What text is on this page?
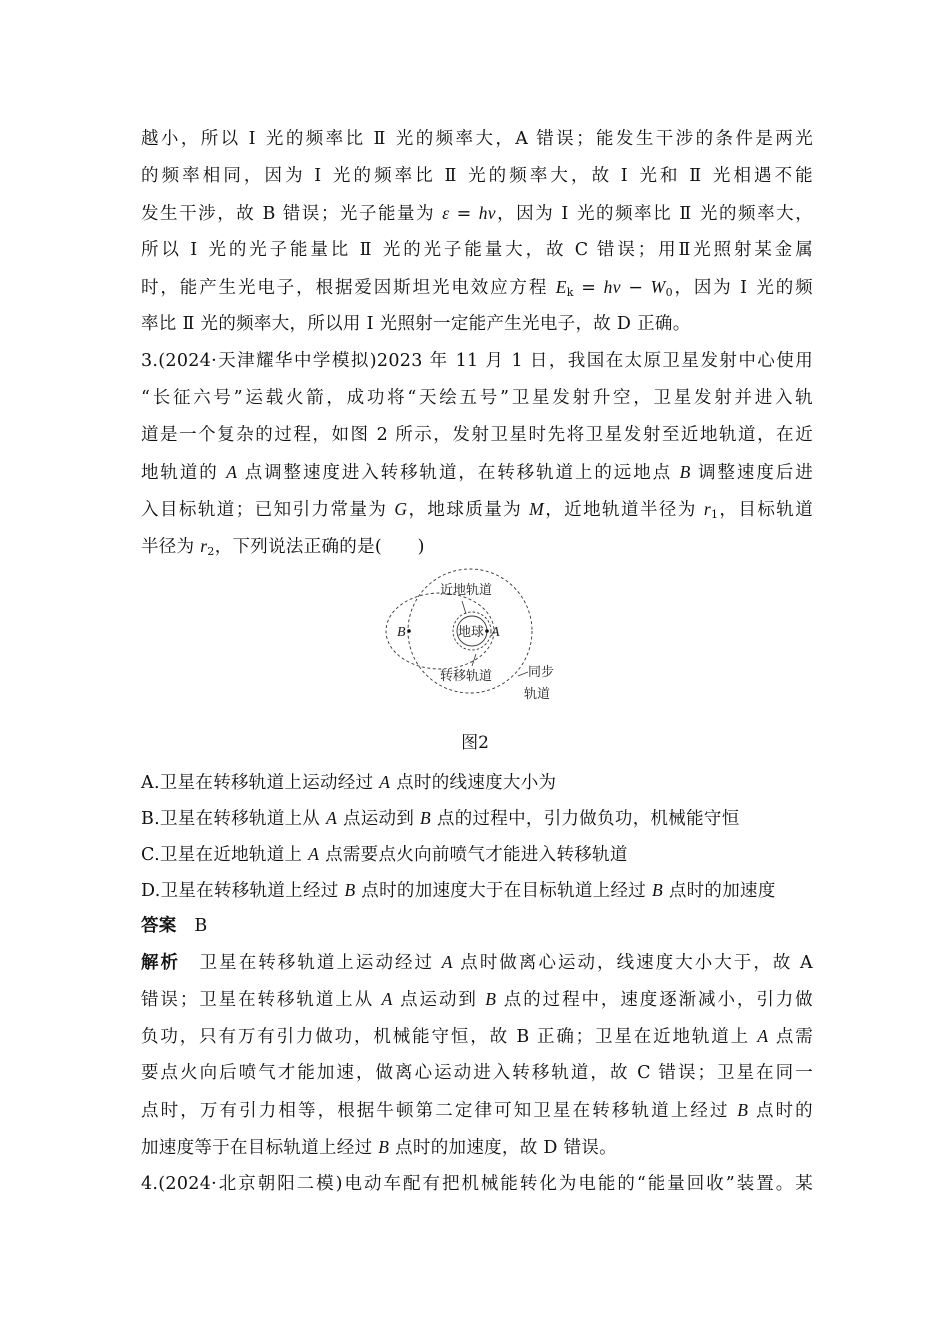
越小，所以 Ⅰ 光的频率比 Ⅱ 光的频率大，A 错误；能发生干涉的条件是两光
的频率相同，因为 Ⅰ 光的频率比 Ⅱ 光的频率大，故 Ⅰ 光和 Ⅱ 光相遇不能
发生干涉，故 B 错误；光子能量为 ε = hν，因为 Ⅰ 光的频率比 Ⅱ 光的频率大，
所以 Ⅰ 光的光子能量比 Ⅱ 光的光子能量大，故 C 错误；用Ⅱ光照射某金属
时，能产生光电子，根据爱因斯坦光电效应方程 $E_k = h\nu - W_0$，因为 Ⅰ 光的频
率比 Ⅱ 光的频率大，所以用 Ⅰ 光照射一定能产生光电子，故 D 正确。
3.(2024·天津耀华中学模拟)2023 年 11 月 1 日，我国在太原卫星发射中心使用
“长征六号”运载火箭，成功将“天绘五号”卫星发射升空，卫星发射并进入轨
道是一个复杂的过程，如图 2 所示，发射卫星时先将卫星发射至近地轨道，在近
地轨道的 A 点调整速度进入转移轨道，在转移轨道上的远地点 B 调整速度后进
入目标轨道；已知引力常量为 G，地球质量为 M，近地轨道半径为 $r_1$，目标轨道
半径为 $r_2$，下列说法正确的是(　　)
近地轨道
地球 A
B
转移轨道	同步
轨道
图2
A.卫星在转移轨道上运动经过 A 点时的线速度大小为
B.卫星在转移轨道上从 A 点运动到 B 点的过程中，引力做负功，机械能守恒
C.卫星在近地轨道上 A 点需要点火向前喷气才能进入转移轨道
D.卫星在转移轨道上经过 B 点时的加速度大于在目标轨道上经过 B 点时的加速度
答案　 B
解析　 卫星在转移轨道上运动经过 A 点时做离心运动，线速度大小大于，故 A
错误；卫星在转移轨道上从 A 点运动到 B 点的过程中，速度逐渐减小，引力做
负功，只有万有引力做功，机械能守恒，故 B 正确；卫星在近地轨道上 A 点需
要点火向后喷气才能加速，做离心运动进入转移轨道，故 C 错误；卫星在同一
点时，万有引力相等，根据牛顿第二定律可知卫星在转移轨道上经过 B 点时的
加速度等于在目标轨道上经过 B 点时的加速度，故 D 错误。
4.(2024·北京朝阳二模)电动车配有把机械能转化为电能的“能量回收”装置。某
